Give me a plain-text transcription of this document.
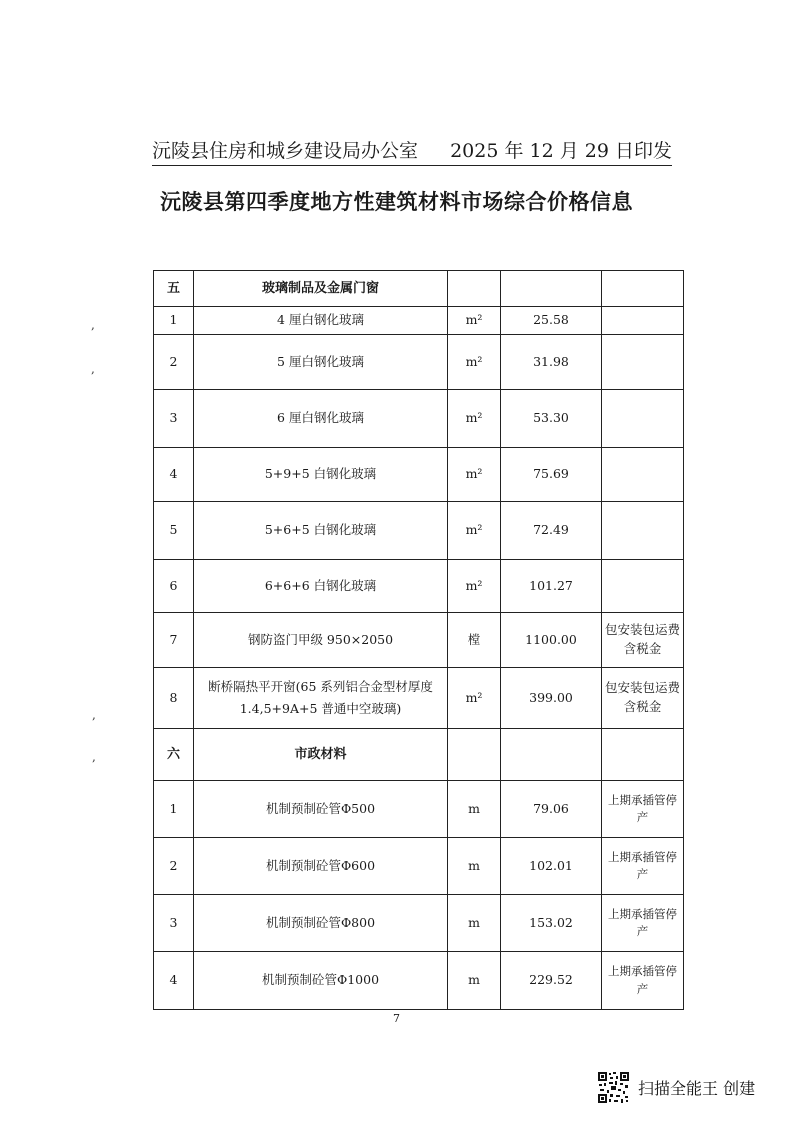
沅陵县住房和城乡建设局办公室 2025 年 12 月 29 日印发
沅陵县第四季度地方性建筑材料市场综合价格信息
五	玻璃制品及金属门窗			
1	4 厘白钢化玻璃	m²	25.58	
2	5 厘白钢化玻璃	m²	31.98	
3	6 厘白钢化玻璃	m²	53.30	
4	5+9+5 白钢化玻璃	m²	75.69	
5	5+6+5 白钢化玻璃	m²	72.49	
6	6+6+6 白钢化玻璃	m²	101.27	
7	钢防盗门甲级 950×2050	樘	1100.00	包安装包运费含税金
8	断桥隔热平开窗(65 系列铝合金型材厚度 1.4,5+9A+5 普通中空玻璃)	m²	399.00	包安装包运费含税金
六	市政材料			
1	机制预制砼管Φ500	m	79.06	上期承插管停产
2	机制预制砼管Φ600	m	102.01	上期承插管停产
3	机制预制砼管Φ800	m	153.02	上期承插管停产
4	机制预制砼管Φ1000	m	229.52	上期承插管停产
,
,
,
,
7
扫描全能王 创建
